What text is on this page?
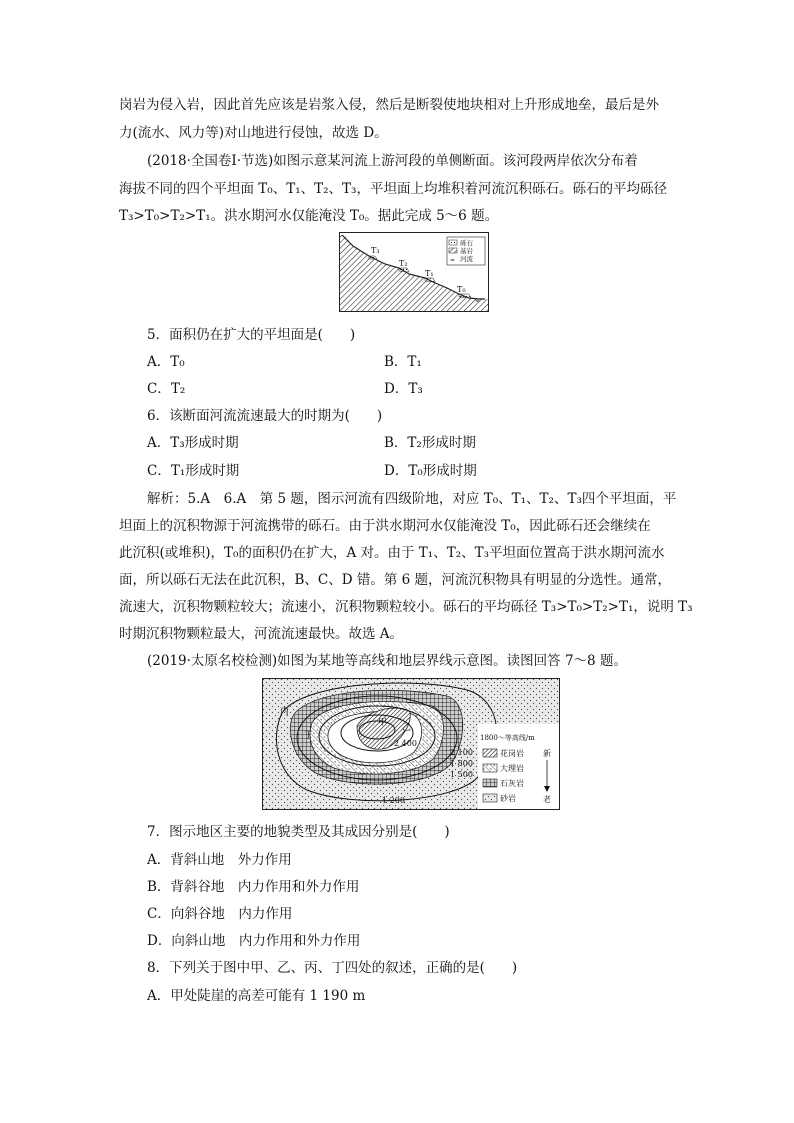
岗岩为侵入岩，因此首先应该是岩浆入侵，然后是断裂使地块相对上升形成地垒，最后是外
力(流水、风力等)对山地进行侵蚀，故选 D。
(2018·全国卷Ⅰ·节选)如图示意某河流上游河段的单侧断面。该河段两岸依次分布着
海拔不同的四个平坦面 T₀、T₁、T₂、T₃，平坦面上均堆积着河流沉积砾石。砾石的平均砾径
T₃>T₀>T₂>T₁。洪水期河水仅能淹没 T₀。据此完成 5～6 题。
≈
T₃
T₂
T₁
T₀
砾石
基岩
≈ 河流
5．面积仍在扩大的平坦面是(　　)
A．T₀	B．T₁
C．T₂	D．T₃
6．该断面河流流速最大的时期为(　　)
A．T₃形成时期	B．T₂形成时期
C．T₁形成时期	D．T₀形成时期
解析：5.A　6.A　第 5 题，图示河流有四级阶地，对应 T₀、T₁、T₂、T₃四个平坦面，平
坦面上的沉积物源于河流携带的砾石。由于洪水期河水仅能淹没 T₀，因此砾石还会继续在
此沉积(或堆积)，T₀的面积仍在扩大，A 对。由于 T₁、T₂、T₃平坦面位置高于洪水期河流水
面，所以砾石无法在此沉积，B、C、D 错。第 6 题，河流沉积物具有明显的分选性。通常，
流速大，沉积物颗粒较大；流速小，沉积物颗粒较小。砾石的平均砾径 T₃>T₀>T₂>T₁，说明 T₃
时期沉积物颗粒最大，河流流速最快。故选 A。
(2019·太原名校检测)如图为某地等高线和地层界线示意图。读图回答 7～8 题。
丙
甲 乙
丁
2 400
2 100
1 800
1 500
1 200
1800～等高线/m
花岗岩
大理岩
石灰岩
砂岩
新
老
7．图示地区主要的地貌类型及其成因分别是(　　)
A．背斜山地　外力作用
B．背斜谷地　内力作用和外力作用
C．向斜谷地　内力作用
D．向斜山地　内力作用和外力作用
8．下列关于图中甲、乙、丙、丁四处的叙述，正确的是(　　)
A．甲处陡崖的高差可能有 1 190 m
